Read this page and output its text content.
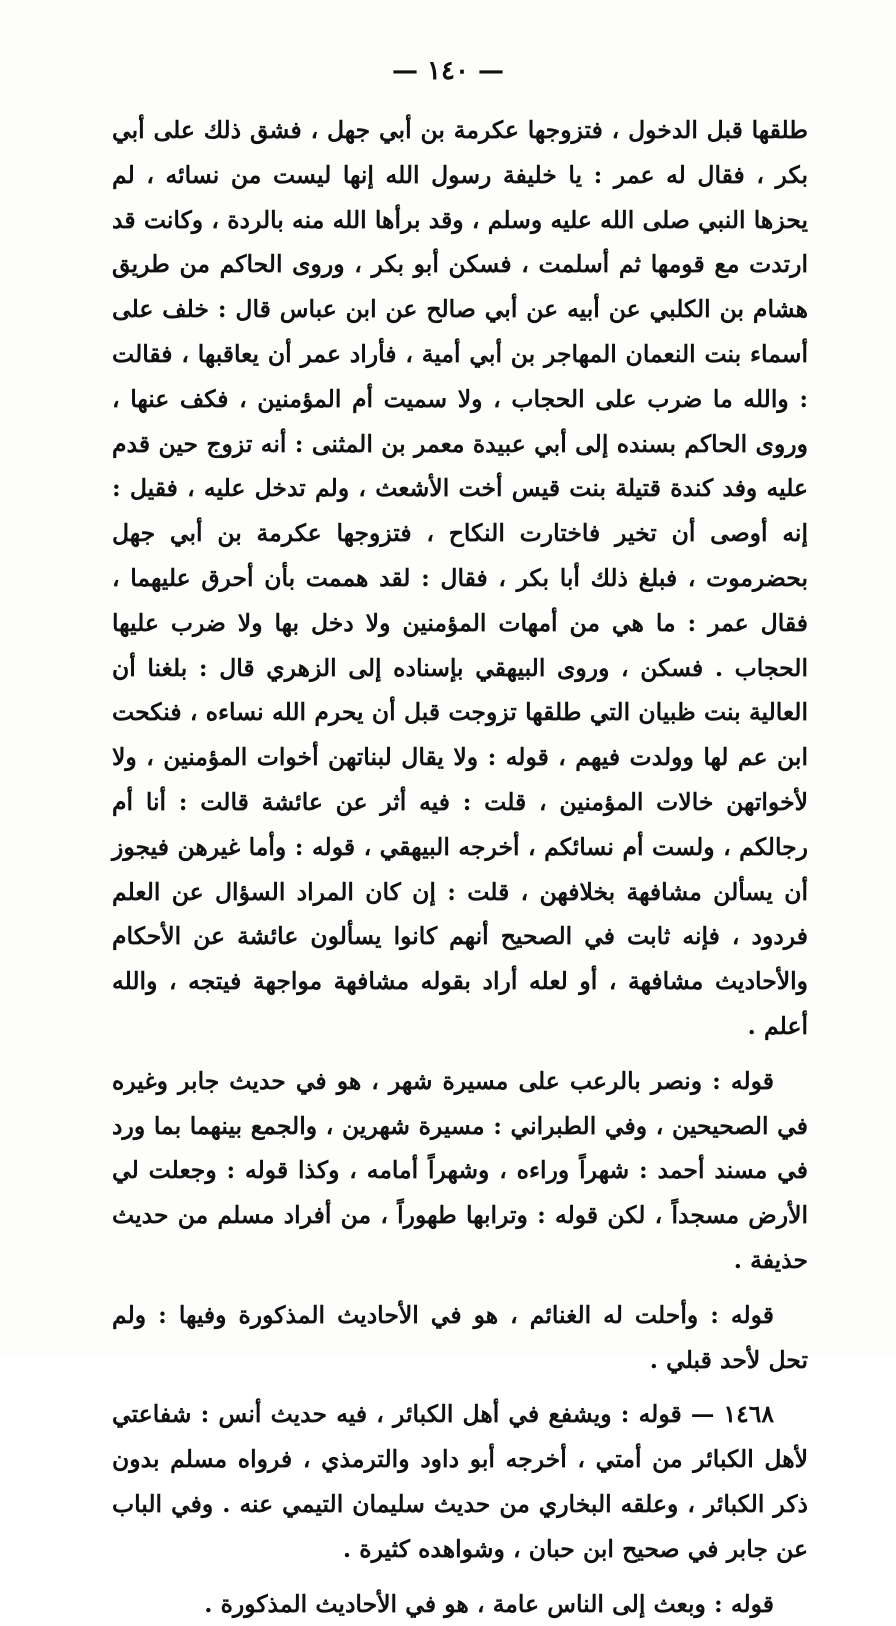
— ١٤٠ —

طلقها قبل الدخول ، فتزوجها عكرمة بن أبي جهل ، فشق ذلك على أبي بكر ، فقال له عمر : يا خليفة رسول الله إنها ليست من نسائه ، لم يحزها النبي صلى الله عليه وسلم ، وقد برأها الله منه بالردة ، وكانت قد ارتدت مع قومها ثم أسلمت ، فسكن أبو بكر ، وروى الحاكم من طريق هشام بن الكلبي عن أبيه عن أبي صالح عن ابن عباس قال : خلف على أسماء بنت النعمان المهاجر بن أبي أمية ، فأراد عمر أن يعاقبها ، فقالت : والله ما ضرب على الحجاب ، ولا سميت أم المؤمنين ، فكف عنها ، وروى الحاكم بسنده إلى أبي عبيدة معمر بن المثنى : أنه تزوج حين قدم عليه وفد كندة قتيلة بنت قيس أخت الأشعث ، ولم تدخل عليه ، فقيل : إنه أوصى أن تخير فاختارت النكاح ، فتزوجها عكرمة بن أبي جهل بحضرموت ، فبلغ ذلك أبا بكر ، فقال : لقد هممت بأن أحرق عليهما ، فقال عمر : ما هي من أمهات المؤمنين ولا دخل بها ولا ضرب عليها الحجاب . فسكن ، وروى البيهقي بإسناده إلى الزهري قال : بلغنا أن العالية بنت ظبيان التي طلقها تزوجت قبل أن يحرم الله نساءه ، فنكحت ابن عم لها وولدت فيهم ، قوله : ولا يقال لبناتهن أخوات المؤمنين ، ولا لأخواتهن خالات المؤمنين ، قلت : فيه أثر عن عائشة قالت : أنا أم رجالكم ، ولست أم نسائكم ، أخرجه البيهقي ، قوله : وأما غيرهن فيجوز أن يسألن مشافهة بخلافهن ، قلت : إن كان المراد السؤال عن العلم فردود ، فإنه ثابت في الصحيح أنهم كانوا يسألون عائشة عن الأحكام والأحاديث مشافهة ، أو لعله أراد بقوله مشافهة مواجهة فيتجه ، والله أعلم .

قوله : ونصر بالرعب على مسيرة شهر ، هو في حديث جابر وغيره في الصحيحين ، وفي الطبراني : مسيرة شهرين ، والجمع بينهما بما ورد في مسند أحمد : شهراً وراءه ، وشهراً أمامه ، وكذا قوله : وجعلت لي الأرض مسجداً ، لكن قوله : وترابها طهوراً ، من أفراد مسلم من حديث حذيفة .

قوله : وأحلت له الغنائم ، هو في الأحاديث المذكورة وفيها : ولم تحل لأحد قبلي .

١٤٦٨ — قوله : ويشفع في أهل الكبائر ، فيه حديث أنس : شفاعتي لأهل الكبائر من أمتي ، أخرجه أبو داود والترمذي ، فرواه مسلم بدون ذكر الكبائر ، وعلقه البخاري من حديث سليمان التيمي عنه . وفي الباب عن جابر في صحيح ابن حبان ، وشواهده كثيرة .

قوله : وبعث إلى الناس عامة ، هو في الأحاديث المذكورة .
